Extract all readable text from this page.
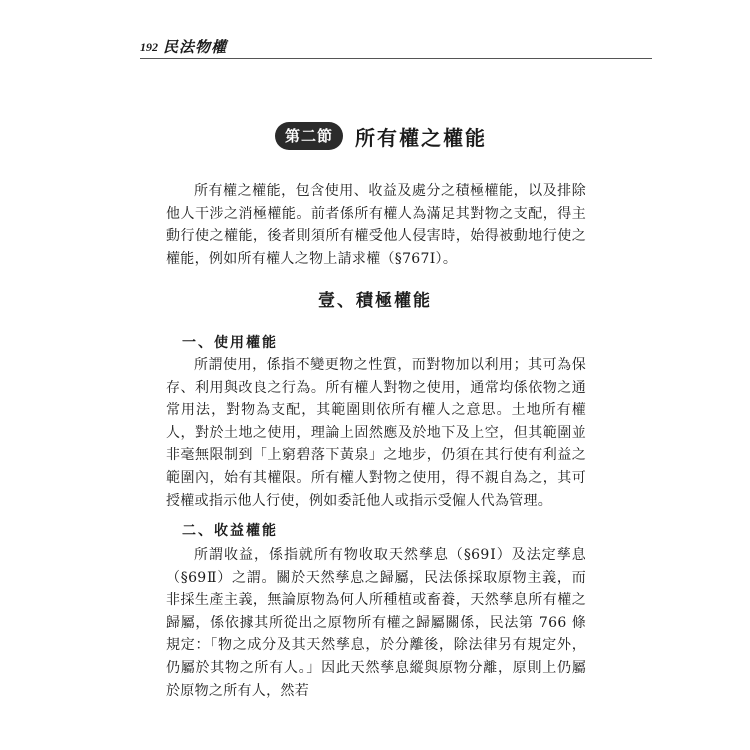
192 民法物權
第二節	所有權之權能

所有權之權能，包含使用、收益及處分之積極權能，以及排除他人干涉之消極權能。前者係所有權人為滿足其對物之支配，得主動行使之權能，後者則須所有權受他人侵害時，始得被動地行使之權能，例如所有權人之物上請求權（§767Ⅰ）。

壹、積極權能
一、使用權能

所謂使用，係指不變更物之性質，而對物加以利用；其可為保存、利用與改良之行為。所有權人對物之使用，通常均係依物之通常用法，對物為支配，其範圍則依所有權人之意思。土地所有權人，對於土地之使用，理論上固然應及於地下及上空，但其範圍並非毫無限制到「上窮碧落下黃泉」之地步，仍須在其行使有利益之範圍內，始有其權限。所有權人對物之使用，得不親自為之，其可授權或指示他人行使，例如委託他人或指示受僱人代為管理。

二、收益權能

所謂收益，係指就所有物收取天然孳息（§69Ⅰ）及法定孳息（§69Ⅱ）之謂。關於天然孳息之歸屬，民法係採取原物主義，而非採生產主義，無論原物為何人所種植或畜養，天然孳息所有權之歸屬，係依據其所從出之原物所有權之歸屬關係，民法第 766 條規定：「物之成分及其天然孳息，於分離後，除法律另有規定外，仍屬於其物之所有人。」因此天然孳息縱與原物分離，原則上仍屬於原物之所有人，然若
